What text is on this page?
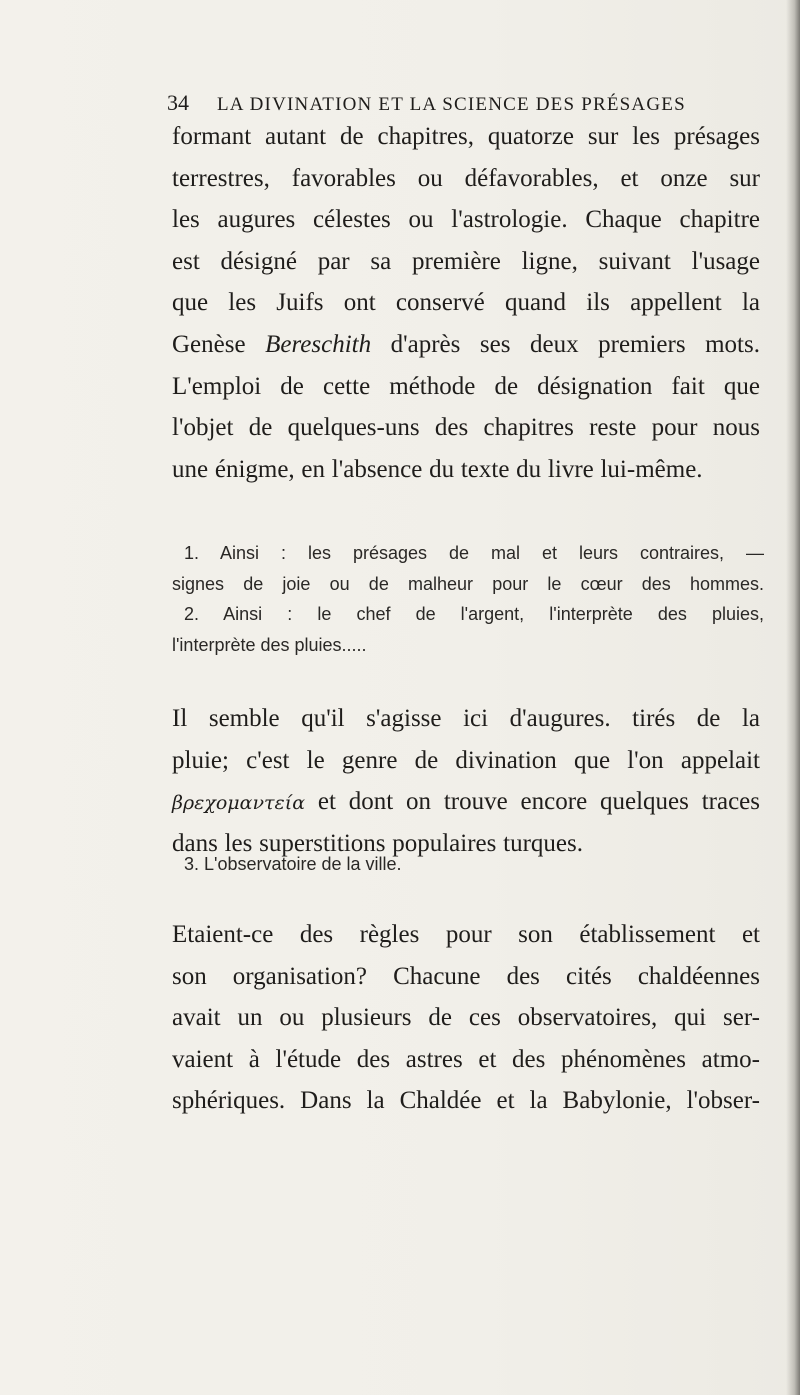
34 LA DIVINATION ET LA SCIENCE DES PRÉSAGES
formant autant de chapitres, quatorze sur les présages
terrestres, favorables ou défavorables, et onze sur
les augures célestes ou l'astrologie. Chaque chapitre
est désigné par sa première ligne, suivant l'usage
que les Juifs ont conservé quand ils appellent la
Genèse Bereschith d'après ses deux premiers mots.
L'emploi de cette méthode de désignation fait que
l'objet de quelques-uns des chapitres reste pour nous
une énigme, en l'absence du texte du livre lui-même.
1. Ainsi : les présages de mal et leurs contraires, —
signes de joie ou de malheur pour le cœur des hommes.
2. Ainsi : le chef de l'argent, l'interprète des pluies,
l'interprète des pluies.....
Il semble qu'il s'agisse ici d'augures. tirés de la
pluie; c'est le genre de divination que l'on appelait
βρεχομαντεία et dont on trouve encore quelques traces
dans les superstitions populaires turques.
3. L'observatoire de la ville.
Etaient-ce des règles pour son établissement et
son organisation? Chacune des cités chaldéennes
avait un ou plusieurs de ces observatoires, qui ser-
vaient à l'étude des astres et des phénomènes atmo-
sphériques. Dans la Chaldée et la Babylonie, l'obser-
